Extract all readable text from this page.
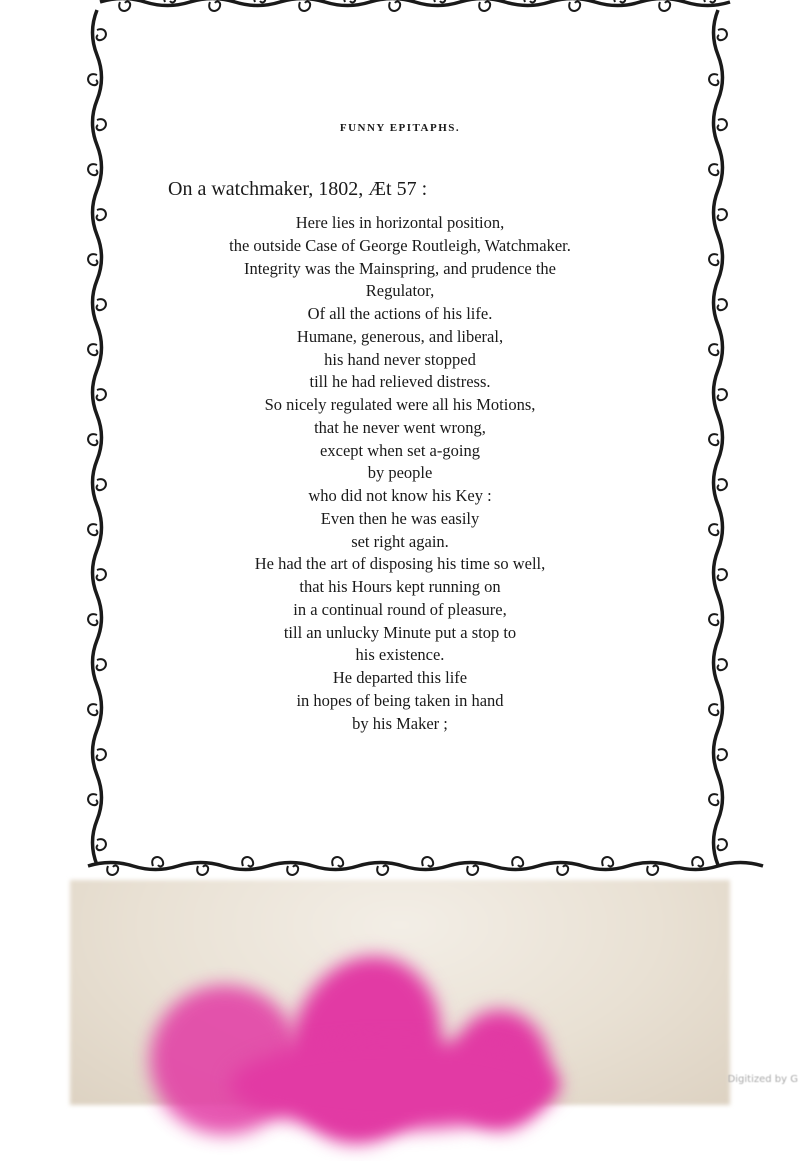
FUNNY EPITAPHS.
On a watchmaker, 1802, Æt 57 :
Here lies in horizontal position,
the outside Case of George Routleigh, Watchmaker.
Integrity was the Mainspring, and prudence the
Regulator,
Of all the actions of his life.
Humane, generous, and liberal,
his hand never stopped
till he had relieved distress.
So nicely regulated were all his Motions,
that he never went wrong,
except when set a-going
by people
who did not know his Key :
Even then he was easily
set right again.
He had the art of disposing his time so well,
that his Hours kept running on
in a continual round of pleasure,
till an unlucky Minute put a stop to
his existence.
He departed this life
in hopes of being taken in hand
by his Maker ;
Digitized by G
